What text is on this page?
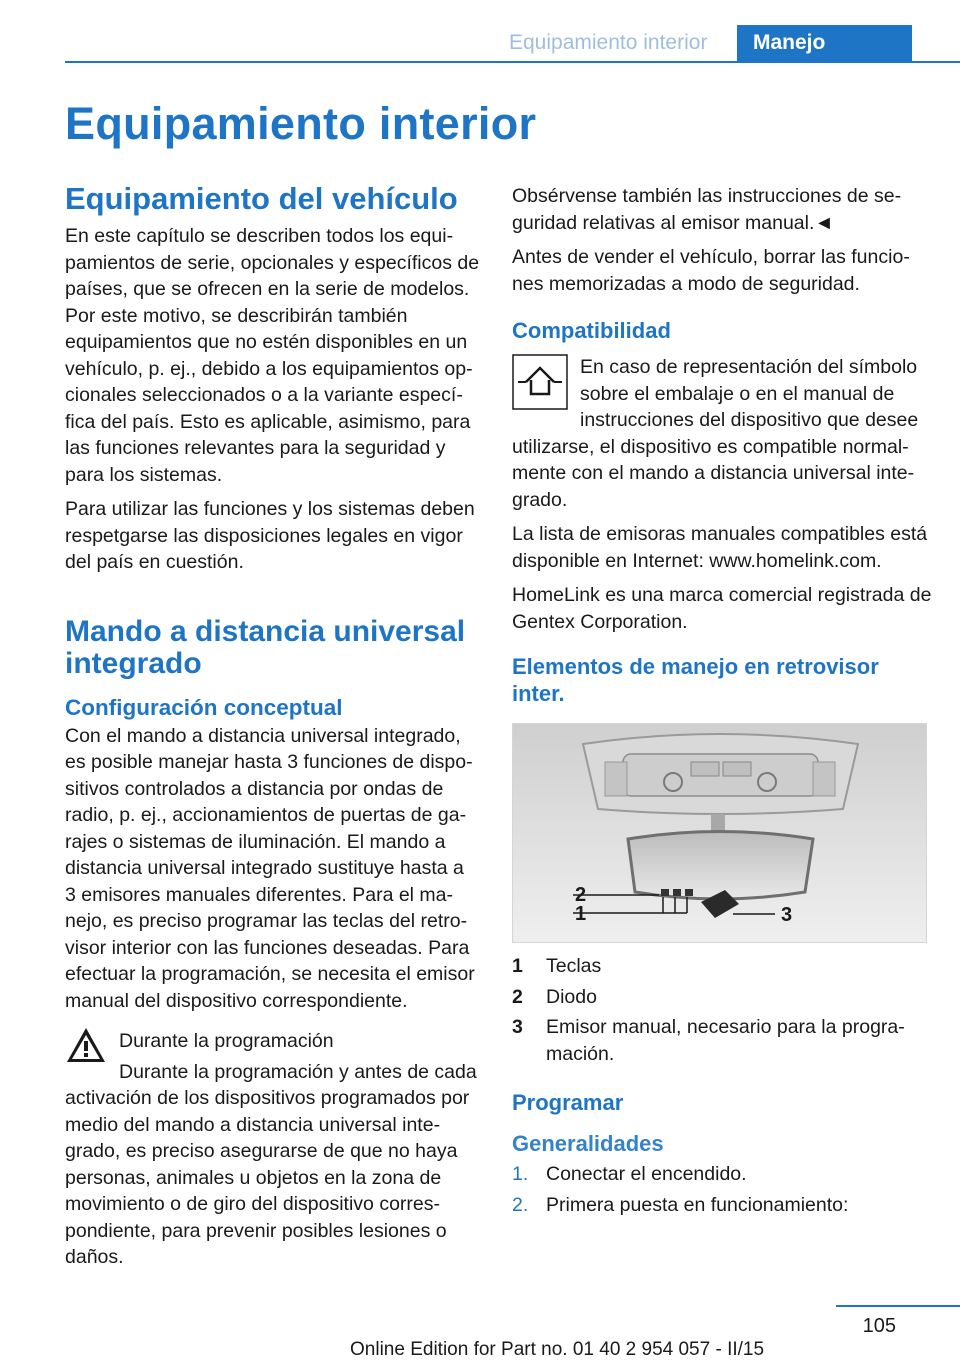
Equipamiento interior	Manejo
Equipamiento interior
Equipamiento del vehículo

En este capítulo se describen todos los equipamientos de serie, opcionales y específicos de países, que se ofrecen en la serie de modelos. Por este motivo, se describirán también equipamientos que no estén disponibles en un vehículo, p. ej., debido a los equipamientos opcionales seleccionados o a la variante específica del país. Esto es aplicable, asimismo, para las funciones relevantes para la seguridad y para los sistemas.

Para utilizar las funciones y los sistemas deben respetgarse las disposiciones legales en vigor del país en cuestión.

Mando a distancia universal integrado
Configuración conceptual

Con el mando a distancia universal integrado, es posible manejar hasta 3 funciones de dispositivos controlados a distancia por ondas de radio, p. ej., accionamientos de puertas de garajes o sistemas de iluminación. El mando a distancia universal integrado sustituye hasta a 3 emisores manuales diferentes. Para el manejo, es preciso programar las teclas del retrovisor interior con las funciones deseadas. Para efectuar la programación, se necesita el emisor manual del dispositivo correspondiente.

Durante la programación

Durante la programación y antes de cada activación de los dispositivos programados por medio del mando a distancia universal integrado, es preciso asegurarse de que no haya personas, animales u objetos en la zona de movimiento o de giro del dispositivo correspondiente, para prevenir posibles lesiones o daños.

Obsérvense también las instrucciones de seguridad relativas al emisor manual.◄

Antes de vender el vehículo, borrar las funciones memorizadas a modo de seguridad.

Compatibilidad

En caso de representación del símbolo sobre el embalaje o en el manual de instrucciones del dispositivo que desee utilizarse, el dispositivo es compatible normalmente con el mando a distancia universal integrado.

La lista de emisoras manuales compatibles está disponible en Internet: www.homelink.com.

HomeLink es una marca comercial registrada de Gentex Corporation.

Elementos de manejo en retrovisor inter.
2
1	3
1	Teclas
2	Diodo
3	Emisor manual, necesario para la programación.
Programar
Generalidades
1. Conectar el encendido.
2. Primera puesta en funcionamiento:
105
Online Edition for Part no. 01 40 2 954 057 - II/15
